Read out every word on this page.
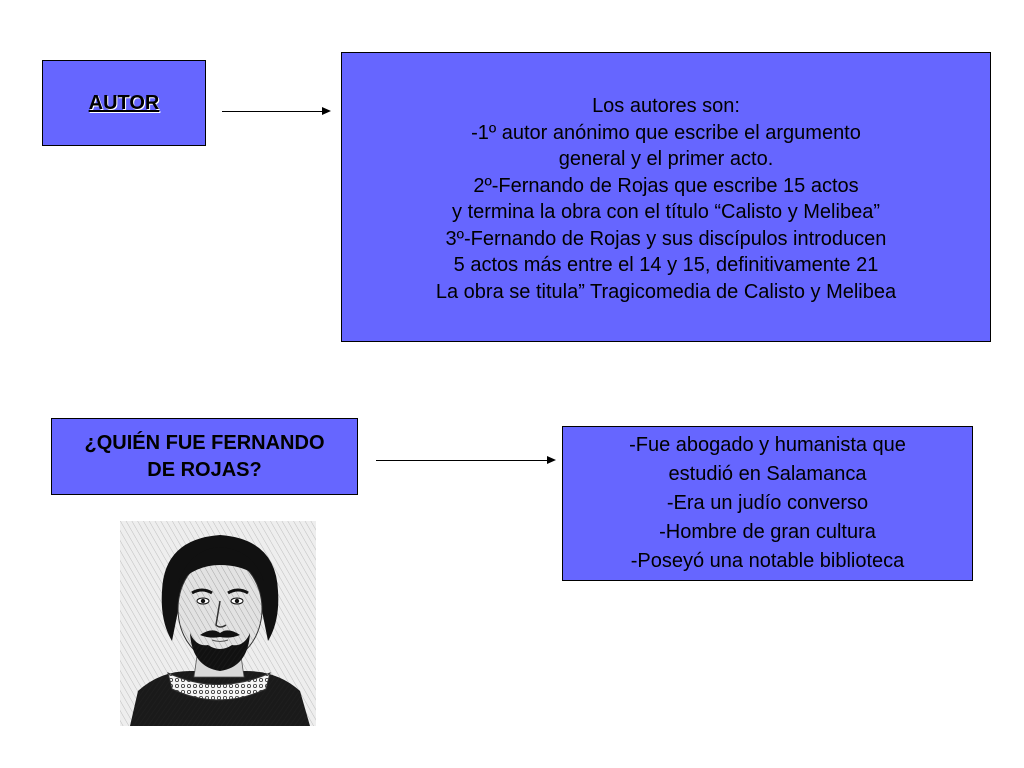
AUTOR	Los autores son:
-1º autor anónimo que escribe el argumento
general y el primer acto.
2º-Fernando de Rojas que escribe 15 actos
y termina la obra con el título “Calisto y Melibea”
3º-Fernando de Rojas y sus discípulos introducen
5 actos más entre el 14 y 15, definitivamente 21
La obra se titula” Tragicomedia de Calisto y Melibea
¿QUIÉN FUE FERNANDO
DE ROJAS?
-Fue abogado y humanista que
estudió en Salamanca
-Era un judío converso
-Hombre de gran cultura
-Poseyó una notable biblioteca
